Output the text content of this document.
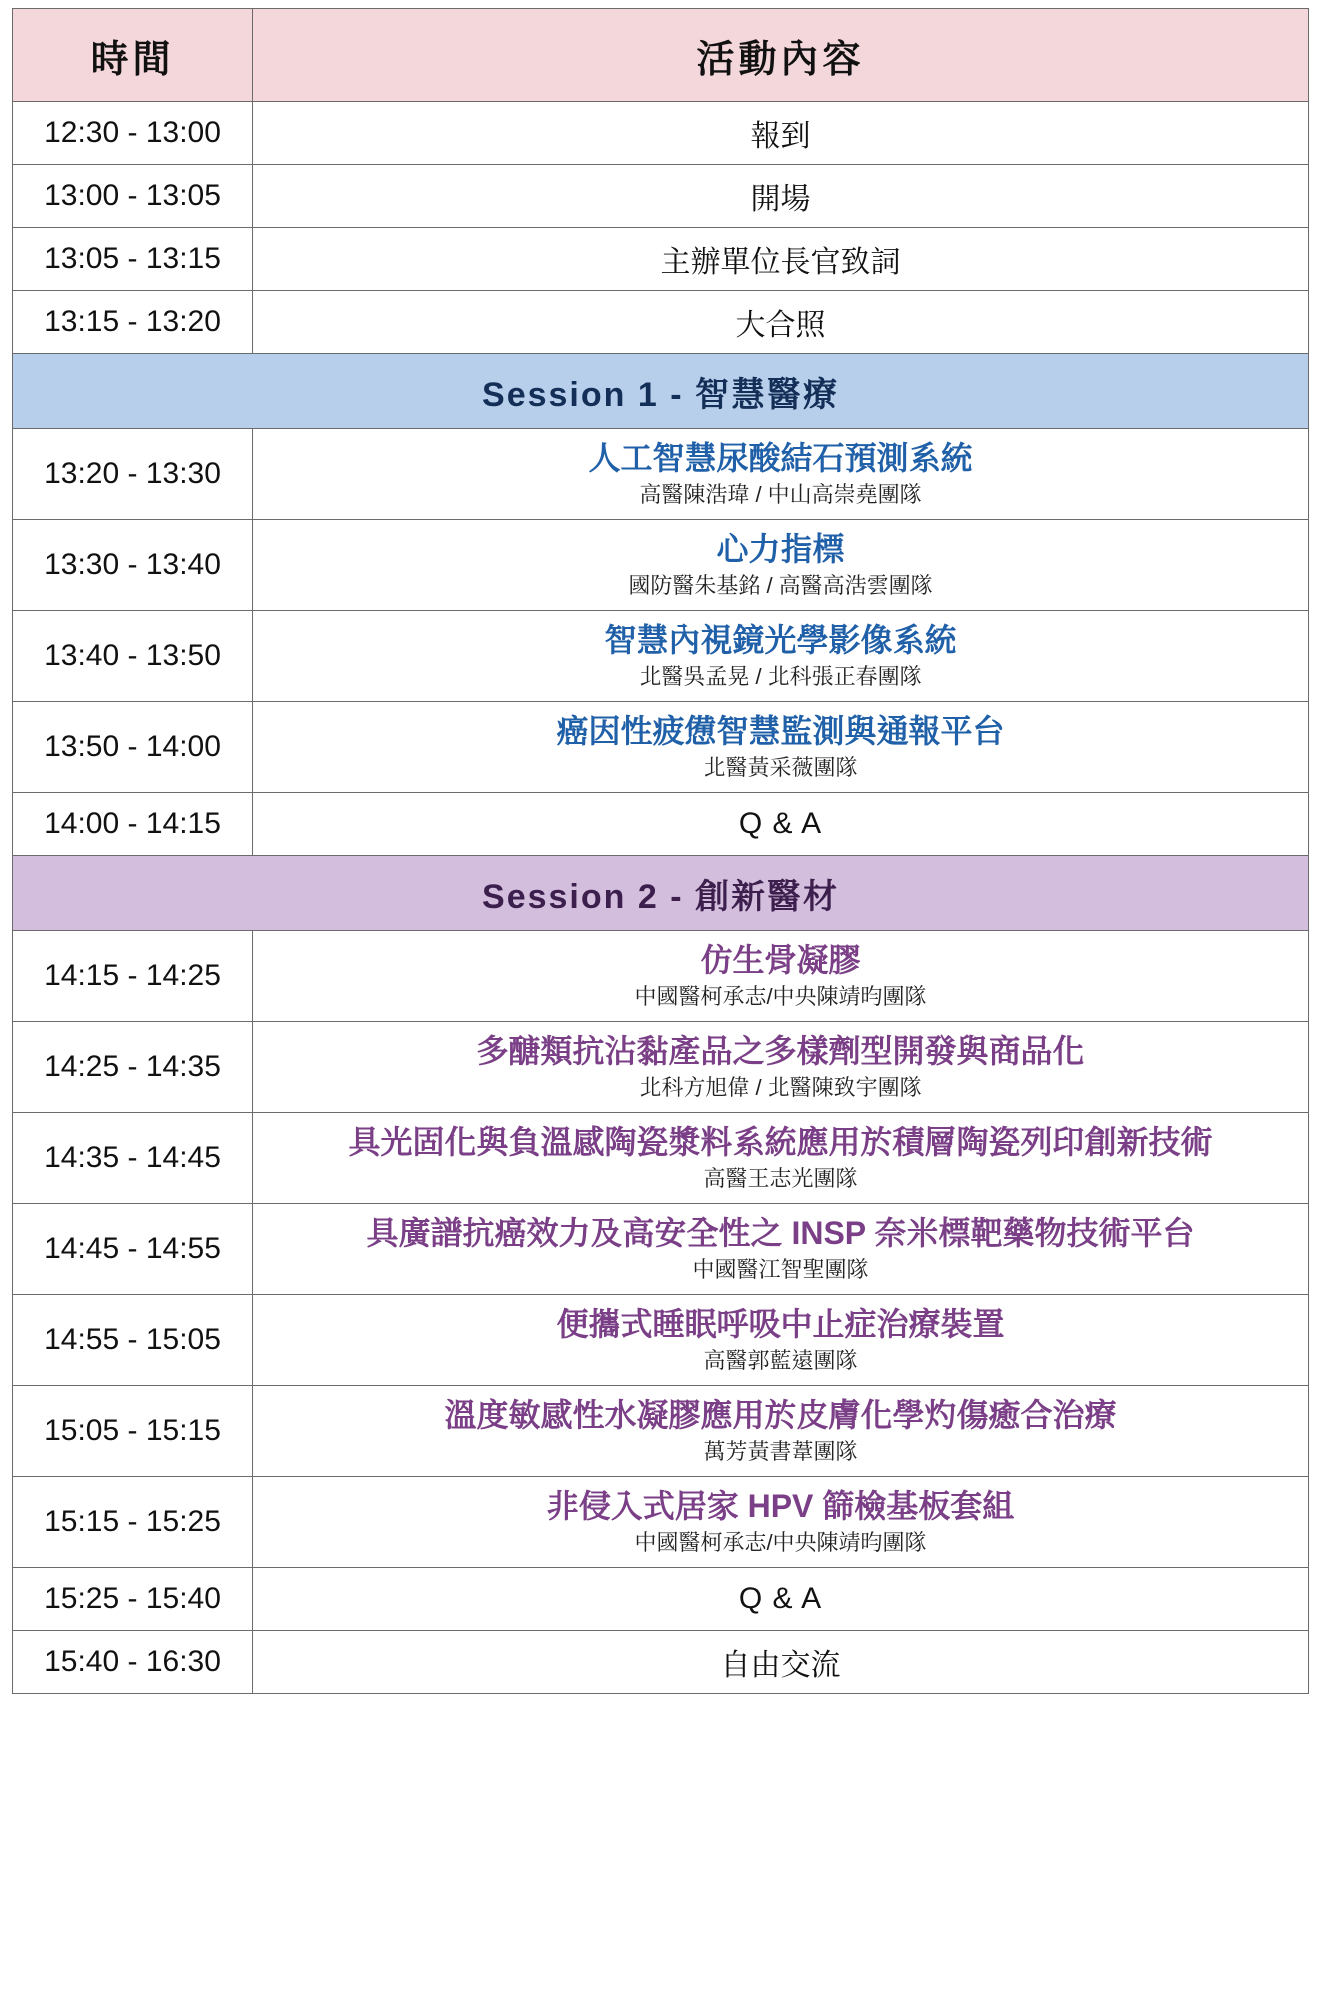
時間	活動內容
12:30 - 13:00	報到
13:00 - 13:05	開場
13:05 - 13:15	主辦單位長官致詞
13:15 - 13:20	大合照
Session 1 - 智慧醫療	
13:20 - 13:30	人工智慧尿酸結石預測系統
高醫陳浩瑋 / 中山高崇堯團隊

13:30 - 13:40	心力指標
國防醫朱基銘 / 高醫高浩雲團隊

13:40 - 13:50	智慧內視鏡光學影像系統
北醫吳孟晃 / 北科張正春團隊

13:50 - 14:00	癌因性疲憊智慧監測與通報平台
北醫黃采薇團隊

14:00 - 14:15	Q & A
Session 2 - 創新醫材	
14:15 - 14:25	仿生骨凝膠
中國醫柯承志/中央陳靖昀團隊

14:25 - 14:35	多醣類抗沾黏產品之多樣劑型開發與商品化
北科方旭偉 / 北醫陳致宇團隊

14:35 - 14:45	具光固化與負溫感陶瓷漿料系統應用於積層陶瓷列印創新技術
高醫王志光團隊

14:45 - 14:55	具廣譜抗癌效力及高安全性之 INSP 奈米標靶藥物技術平台
中國醫江智聖團隊

14:55 - 15:05	便攜式睡眠呼吸中止症治療裝置
高醫郭藍遠團隊

15:05 - 15:15	溫度敏感性水凝膠應用於皮膚化學灼傷癒合治療
萬芳黃書葦團隊

15:15 - 15:25	非侵入式居家 HPV 篩檢基板套組
中國醫柯承志/中央陳靖昀團隊

15:25 - 15:40	Q & A
15:40 - 16:30	自由交流
